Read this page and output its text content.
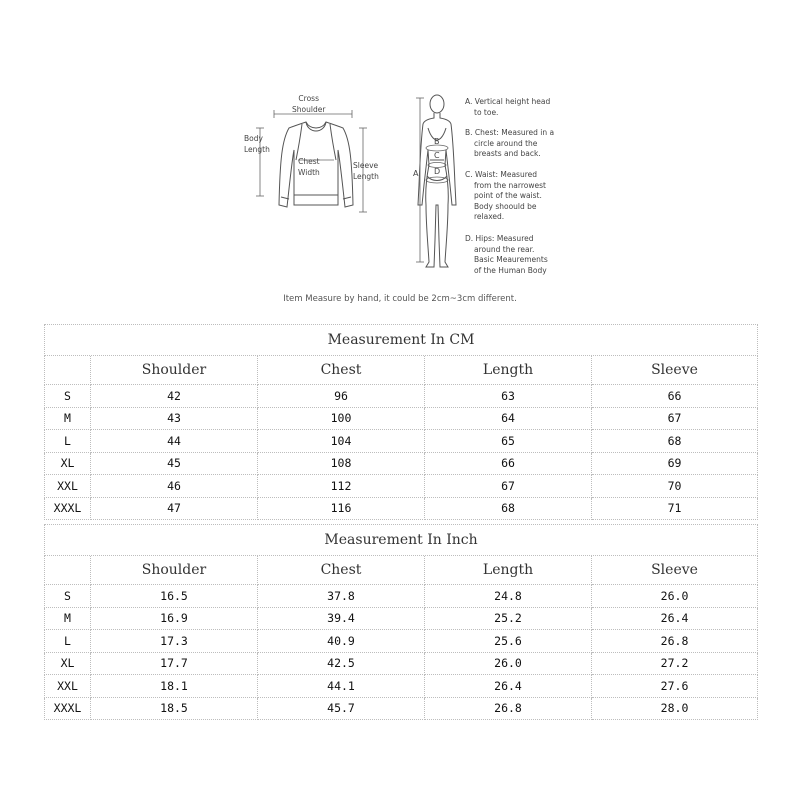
Cross
Shoulder
Body
Length
Chest
Width
Sleeve
Length	A
B
C
D
A. Vertical height head
to toe.
B. Chest: Measured in a
circle around the
breasts and back.
C. Waist: Measured
from the narrowest
point of the waist.
Body shoould be
relaxed.
D. Hips: Measured
around the rear.
Basic Meaurements
of the Human Body
Item Measure by hand, it could be 2cm~3cm different.
Measurement In CM				
	Shoulder	Chest	Length	Sleeve
S	42	96	63	66
M	43	100	64	67
L	44	104	65	68
XL	45	108	66	69
XXL	46	112	67	70
XXXL	47	116	68	71
Measurement In Inch				
	Shoulder	Chest	Length	Sleeve
S	16.5	37.8	24.8	26.0
M	16.9	39.4	25.2	26.4
L	17.3	40.9	25.6	26.8
XL	17.7	42.5	26.0	27.2
XXL	18.1	44.1	26.4	27.6
XXXL	18.5	45.7	26.8	28.0
